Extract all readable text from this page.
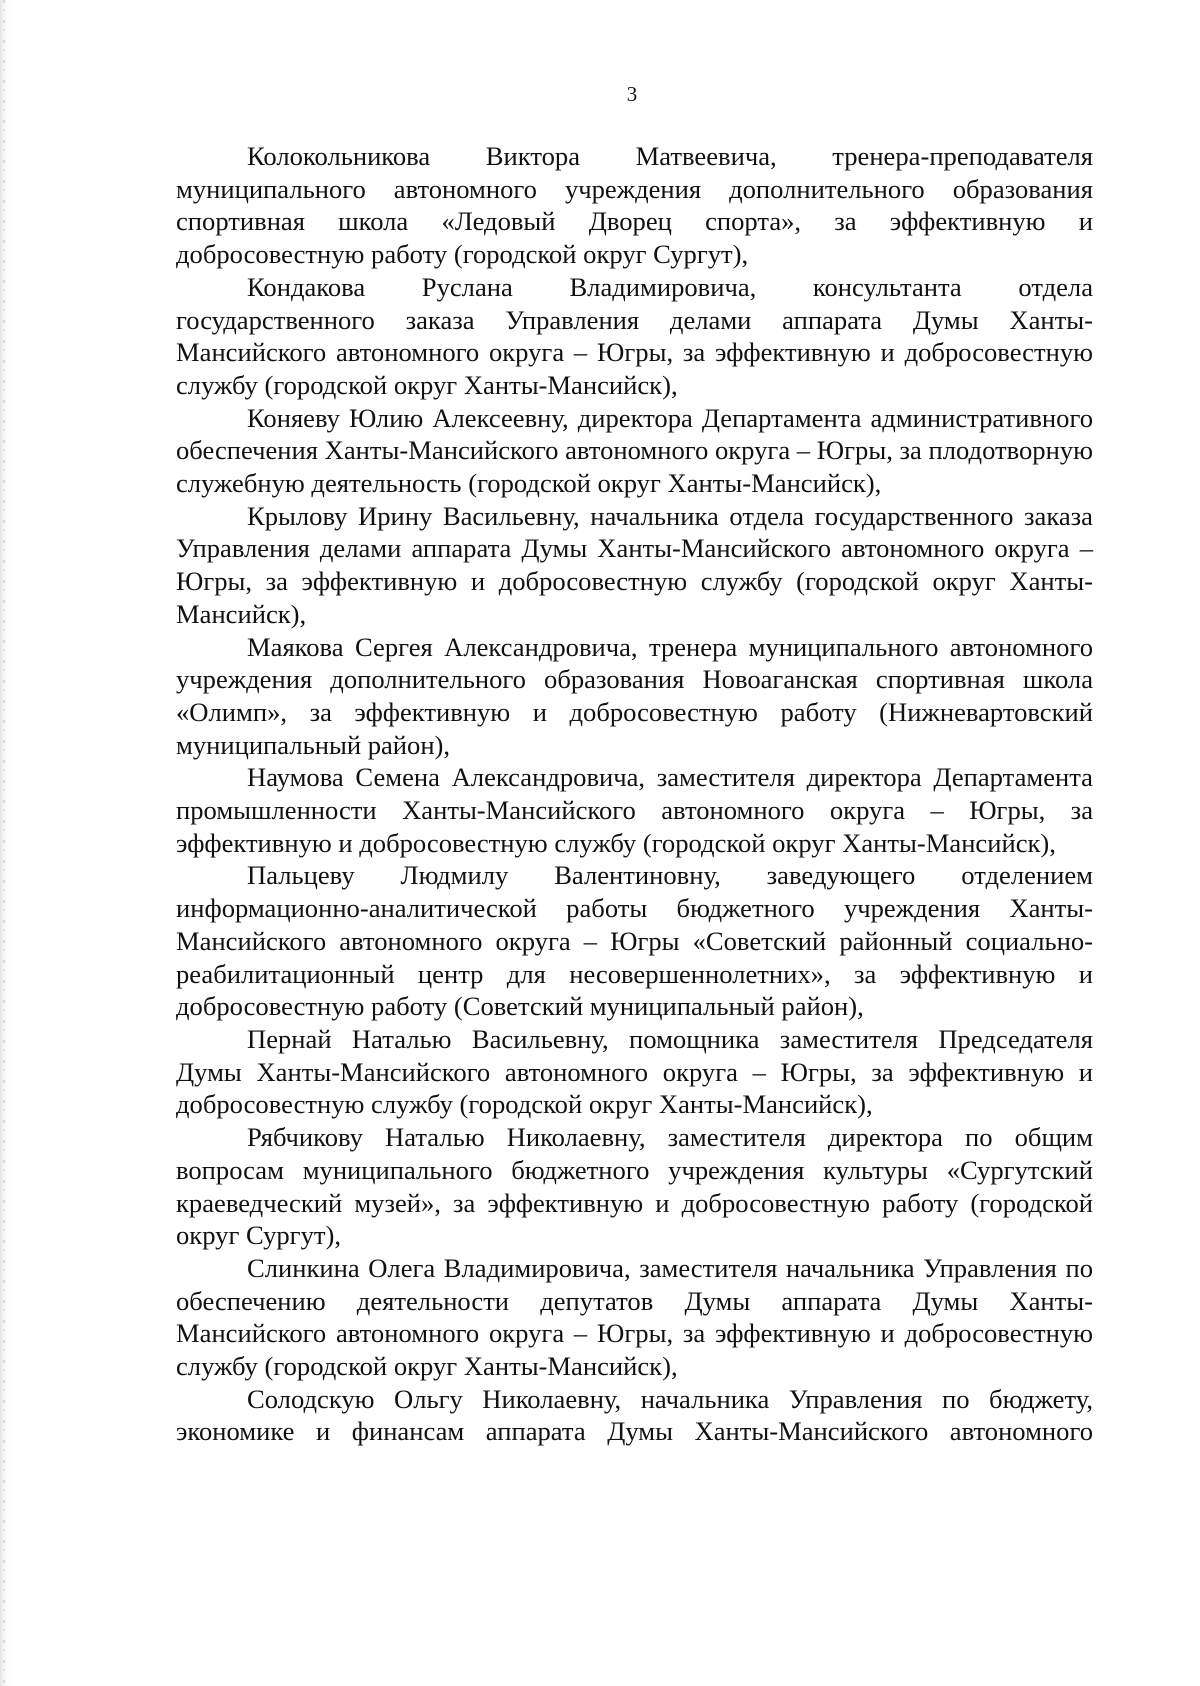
3

Колокольникова Виктора Матвеевича, тренера-преподавателя муниципального автономного учреждения дополнительного образования спортивная школа «Ледовый Дворец спорта», за эффективную и добросовестную работу (городской округ Сургут),

Кондакова Руслана Владимировича, консультанта отдела государственного заказа Управления делами аппарата Думы Ханты-Мансийского автономного округа – Югры, за эффективную и добросовестную службу (городской округ Ханты-Мансийск),

Коняеву Юлию Алексеевну, директора Департамента административного обеспечения Ханты-Мансийского автономного округа – Югры, за плодотворную служебную деятельность (городской округ Ханты-Мансийск),

Крылову Ирину Васильевну, начальника отдела государственного заказа Управления делами аппарата Думы Ханты-Мансийского автономного округа – Югры, за эффективную и добросовестную службу (городской округ Ханты-Мансийск),

Маякова Сергея Александровича, тренера муниципального автономного учреждения дополнительного образования Новоаганская спортивная школа «Олимп», за эффективную и добросовестную работу (Нижневартовский муниципальный район),

Наумова Семена Александровича, заместителя директора Департамента промышленности Ханты-Мансийского автономного округа – Югры, за эффективную и добросовестную службу (городской округ Ханты-Мансийск),

Пальцеву Людмилу Валентиновну, заведующего отделением информационно-аналитической работы бюджетного учреждения Ханты-Мансийского автономного округа – Югры «Советский районный социально-реабилитационный центр для несовершеннолетних», за эффективную и добросовестную работу (Советский муниципальный район),

Пернай Наталью Васильевну, помощника заместителя Председателя Думы Ханты-Мансийского автономного округа – Югры, за эффективную и добросовестную службу (городской округ Ханты-Мансийск),

Рябчикову Наталью Николаевну, заместителя директора по общим вопросам муниципального бюджетного учреждения культуры «Сургутский краеведческий музей», за эффективную и добросовестную работу (городской округ Сургут),

Слинкина Олега Владимировича, заместителя начальника Управления по обеспечению деятельности депутатов Думы аппарата Думы Ханты-Мансийского автономного округа – Югры, за эффективную и добросовестную службу (городской округ Ханты-Мансийск),

Солодскую Ольгу Николаевну, начальника Управления по бюджету, экономике и финансам аппарата Думы Ханты-Мансийского автономного
